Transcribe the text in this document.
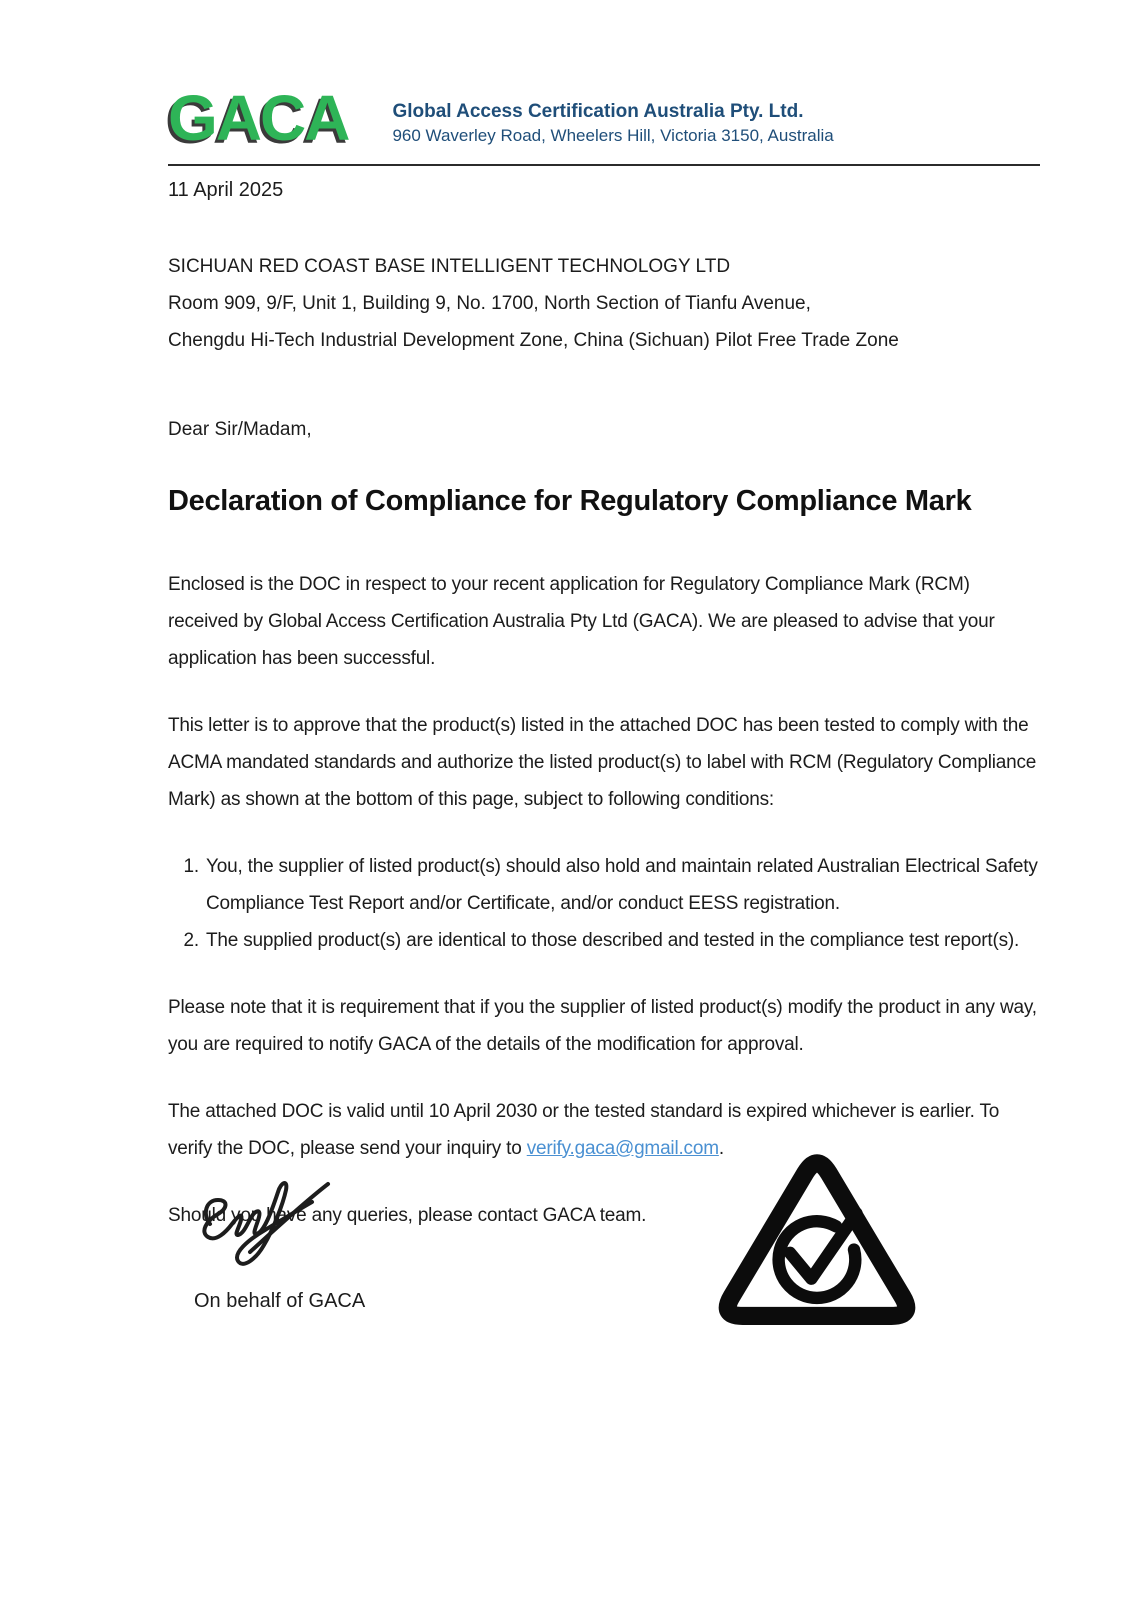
GACA Global Access Certification Australia Pty. Ltd.
960 Waverley Road, Wheelers Hill, Victoria 3150, Australia
11 April 2025
SICHUAN RED COAST BASE INTELLIGENT TECHNOLOGY LTD
Room 909, 9/F, Unit 1, Building 9, No. 1700, North Section of Tianfu Avenue,
Chengdu Hi-Tech Industrial Development Zone, China (Sichuan) Pilot Free Trade Zone
Dear Sir/Madam,
Declaration of Compliance for Regulatory Compliance Mark

Enclosed is the DOC in respect to your recent application for Regulatory Compliance Mark (RCM) received by Global Access Certification Australia Pty Ltd (GACA). We are pleased to advise that your application has been successful.

This letter is to approve that the product(s) listed in the attached DOC has been tested to comply with the ACMA mandated standards and authorize the listed product(s) to label with RCM (Regulatory Compliance Mark) as shown at the bottom of this page, subject to following conditions:

1. You, the supplier of listed product(s) should also hold and maintain related Australian Electrical Safety Compliance Test Report and/or Certificate, and/or conduct EESS registration.
2. The supplied product(s) are identical to those described and tested in the compliance test report(s).

Please note that it is requirement that if you the supplier of listed product(s) modify the product in any way, you are required to notify GACA of the details of the modification for approval.

The attached DOC is valid until 10 April 2030 or the tested standard is expired whichever is earlier. To verify the DOC, please send your inquiry to verify.gaca@gmail.com.

Should you have any queries, please contact GACA team.

On behalf of GACA
